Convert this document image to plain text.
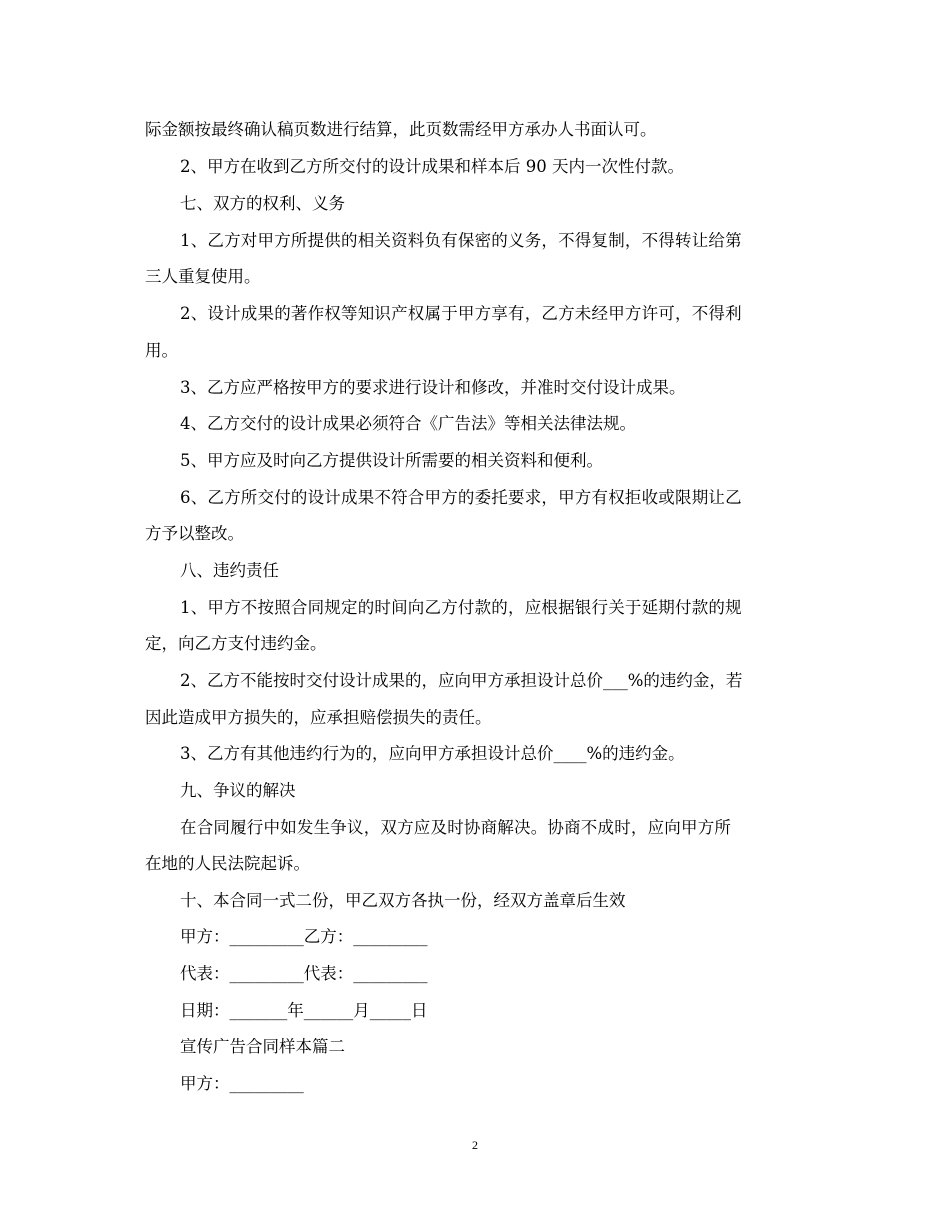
际金额按最终确认稿页数进行结算，此页数需经甲方承办人书面认可。
2、甲方在收到乙方所交付的设计成果和样本后 90 天内一次性付款。
七、双方的权利、义务
1、乙方对甲方所提供的相关资料负有保密的义务，不得复制，不得转让给第
三人重复使用。
2、设计成果的著作权等知识产权属于甲方享有，乙方未经甲方许可，不得利
用。
3、乙方应严格按甲方的要求进行设计和修改，并准时交付设计成果。
4、乙方交付的设计成果必须符合《广告法》等相关法律法规。
5、甲方应及时向乙方提供设计所需要的相关资料和便利。
6、乙方所交付的设计成果不符合甲方的委托要求，甲方有权拒收或限期让乙
方予以整改。
八、违约责任
1、甲方不按照合同规定的时间向乙方付款的，应根据银行关于延期付款的规
定，向乙方支付违约金。
2、乙方不能按时交付设计成果的，应向甲方承担设计总价___%的违约金，若
因此造成甲方损失的，应承担赔偿损失的责任。
3、乙方有其他违约行为的，应向甲方承担设计总价____%的违约金。
九、争议的解决
在合同履行中如发生争议，双方应及时协商解决。协商不成时，应向甲方所
在地的人民法院起诉。
十、本合同一式二份，甲乙双方各执一份，经双方盖章后生效
甲方：_________乙方：_________
代表：_________代表：_________
日期：_______年______月_____日
宣传广告合同样本篇二
甲方：_________
2
